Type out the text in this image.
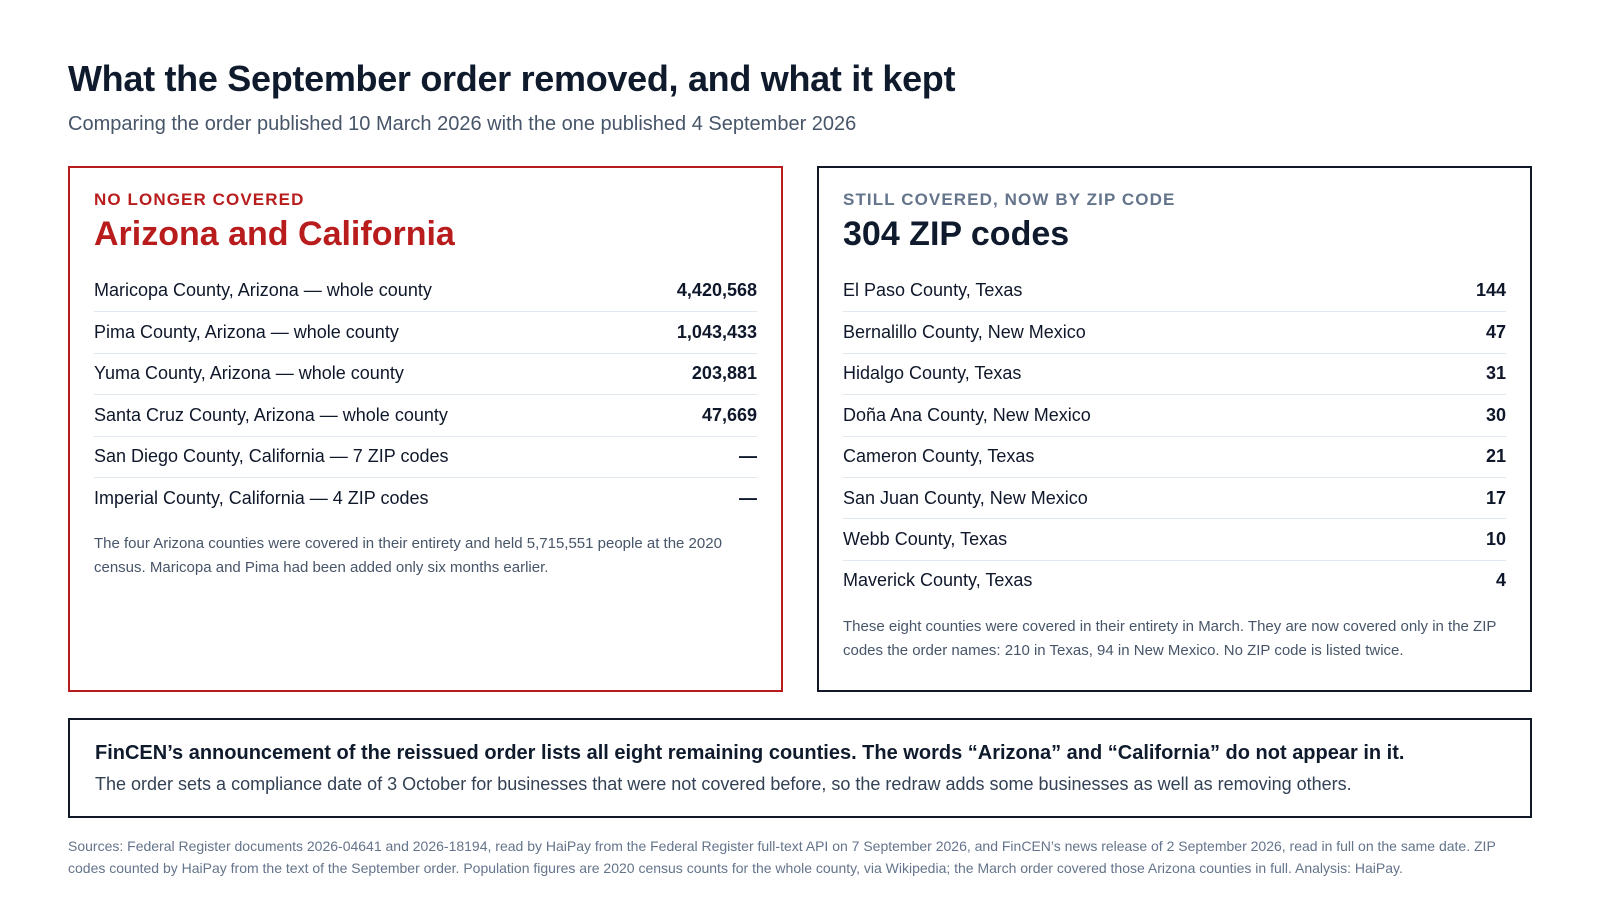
What the September order removed, and what it kept

Comparing the order published 10 March 2026 with the one published 4 September 2026

NO LONGER COVERED
Arizona and California
Maricopa County, Arizona — whole county	4,420,568
Pima County, Arizona — whole county	1,043,433
Yuma County, Arizona — whole county	203,881
Santa Cruz County, Arizona — whole county	47,669
San Diego County, California — 7 ZIP codes	—
Imperial County, California — 4 ZIP codes	—

The four Arizona counties were covered in their entirety and held 5,715,551 people at the 2020 census. Maricopa and Pima had been added only six months earlier.

STILL COVERED, NOW BY ZIP CODE
304 ZIP codes
El Paso County, Texas	144
Bernalillo County, New Mexico	47
Hidalgo County, Texas	31
Doña Ana County, New Mexico	30
Cameron County, Texas	21
San Juan County, New Mexico	17
Webb County, Texas	10
Maverick County, Texas	4

These eight counties were covered in their entirety in March. They are now covered only in the ZIP codes the order names: 210 in Texas, 94 in New Mexico. No ZIP code is listed twice.

FinCEN’s announcement of the reissued order lists all eight remaining counties. The words “Arizona” and “California” do not appear in it.
The order sets a compliance date of 3 October for businesses that were not covered before, so the redraw adds some businesses as well as removing others.

Sources: Federal Register documents 2026-04641 and 2026-18194, read by HaiPay from the Federal Register full-text API on 7 September 2026, and FinCEN’s news release of 2 September 2026, read in full on the same date. ZIP codes counted by HaiPay from the text of the September order. Population figures are 2020 census counts for the whole county, via Wikipedia; the March order covered those Arizona counties in full. Analysis: HaiPay.
